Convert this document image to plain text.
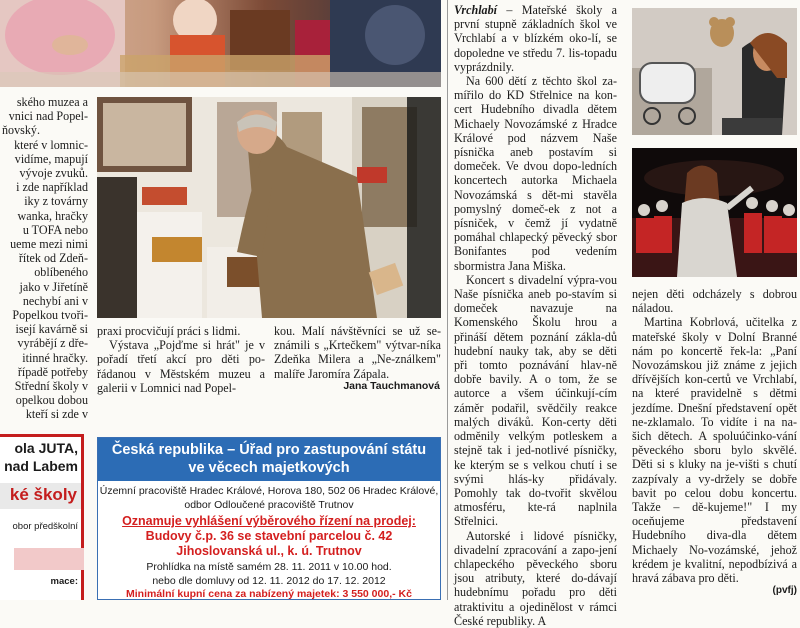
ského muzea a

vnici nad Popel-

ňovský.

které v lomnic-

vidíme, mapují

vývoje zvuků.

i zde například

iky z továrny

wanka, hračky

u TOFA nebo

ueme mezi nimi

řítek od Zdeň-

oblíbeného

jako v Jiřetíně

nechybí ani v

Popelkou tvoři-

isejí kavárně si

vyrábějí z dře-

itinné hračky.

řípadě potřeby

Střední školy v

opelkou dobou

kteří si zde v

praxi procvičují práci s lidmi.

Výstava „Pojďme si hrát" je v pořadí třetí akcí pro děti po-řádanou v Městském muzeu a galerii v Lomnici nad Popel-

kou. Malí návštěvníci se už se-známili s „Krtečkem" výtvar-níka Zdeňka Milera a „Ne-ználkem" malíře Jaromíra Zápala.

Jana Tauchmanová
Česká republika – Úřad pro zastupování státu ve věcech majetkových
Územní pracoviště Hradec Králové, Horova 180, 502 06 Hradec Králové,
odbor Odloučené pracoviště Trutnov
Oznamuje vyhlášení výběrového řízení na prodej:
Budovy č.p. 36 se stavební parcelou č. 42
Jihoslovanská ul., k. ú. Trutnov
Prohlídka na místě samém 28. 11. 2011 v 10.00 hod.
nebo dle domluvy od 12. 11. 2012 do 17. 12. 2012
Minimální kupní cena za nabízený majetek: 3 550 000,- Kč
ola JUTA,
nad Labem
ké školy
obor předškolní
mace:

Vrchlabí – Mateřské školy a první stupně základních škol ve Vrchlabí a v blízkém oko-lí, se dopoledne ve středu 7. lis-topadu vyprázdnily.

Na 600 dětí z těchto škol za-mířilo do KD Střelnice na kon-cert Hudebního divadla dětem Michaely Novozámské z Hradce Králové pod názvem Naše písnička aneb postavím si domeček. Ve dvou dopo-ledních koncertech autorka Michaela Novozámská s dět-mi stavěla pomyslný domeč-ek z not a písniček, v čemž jí vydatně pomáhal chlapecký pěvecký sbor Bonifantes pod vedením sbormistra Jana Miška.

Koncert s divadelní výpra-vou Naše písnička aneb po-stavím si domeček navazuje na Komenského Školu hrou a přináší dětem poznání zákla-dů hudební nauky tak, aby se děti při tomto poznávání hlav-ně dobře bavily. A o tom, že se autorce a všem účinkují-cím záměr podařil, svědčily reakce malých diváků. Kon-certy děti odměnily velkým potleskem a stejně tak i jed-notlivé písničky, ke kterým se s velkou chutí i se svými hlás-ky přidávaly. Pomohly tak do-tvořit skvělou atmosféru, kte-rá naplnila Střelnici.

Autorské i lidové písničky, divadelní zpracování a zapo-jení chlapeckého pěveckého sboru jsou atributy, které do-dávají hudebnímu pořadu pro děti atraktivitu a ojedinělost v rámci České republiky. A

nejen děti odcházely s dobrou náladou.

Martina Kobrlová, učitelka z mateřské školy v Dolní Branné nám po koncertě řek-la: „Paní Novozámskou již známe z jejich dřívějších kon-certů ve Vrchlabí, na které pravidelně s dětmi jezdíme. Dnešní představení opět ne-zklamalo. To vidíte i na na-šich dětech. A spoluúčinko-vání pěveckého sboru bylo skvělé. Děti si s kluky na je-višti s chutí zazpívaly a vy-držely se dobře bavit po celou dobu koncertu. Takže – dě-kujeme!" I my oceňujeme představení Hudebního diva-dla dětem Michaely No-vozámské, jehož krédem je kvalitní, nepodbízivá a hravá zábava pro děti.

(pvfj)
